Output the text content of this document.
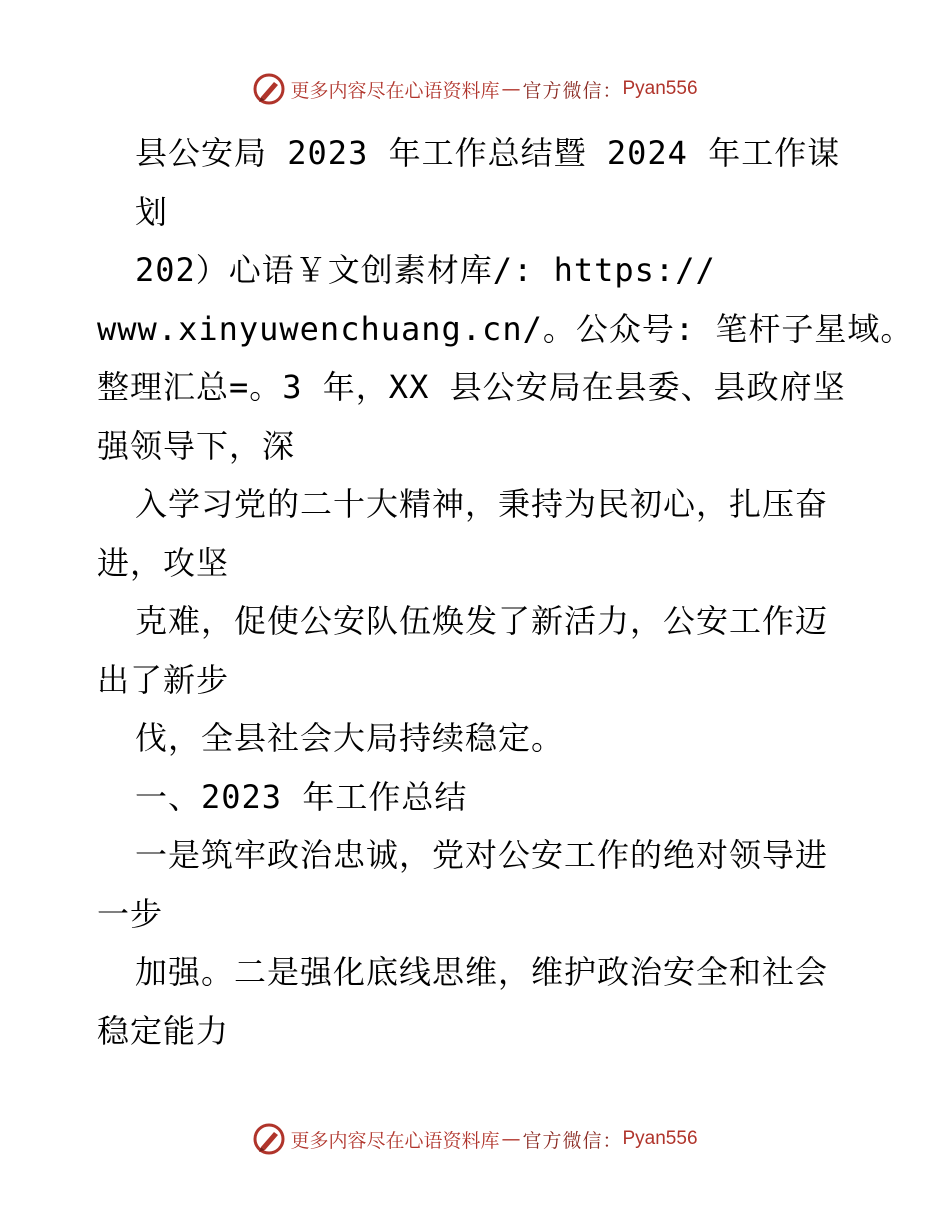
更多内容尽在心语资料库 — 官方微信： Pyan556
县公安局 2023 年工作总结暨 2024 年工作谋
划
202）心语￥文创素材库/: https://
www.xinyuwenchuang.cn/。公众号: 笔杆子星域。
整理汇总=。3 年，XX 县公安局在县委、县政府坚
强领导下，深
入学习党的二十大精神，秉持为民初心，扎压奋
进，攻坚
克难，促使公安队伍焕发了新活力，公安工作迈
出了新步
伐，全县社会大局持续稳定。
一、2023 年工作总结
一是筑牢政治忠诚，党对公安工作的绝对领导进
一步
加强。二是强化底线思维，维护政治安全和社会
稳定能力
更多内容尽在心语资料库 — 官方微信： Pyan556
